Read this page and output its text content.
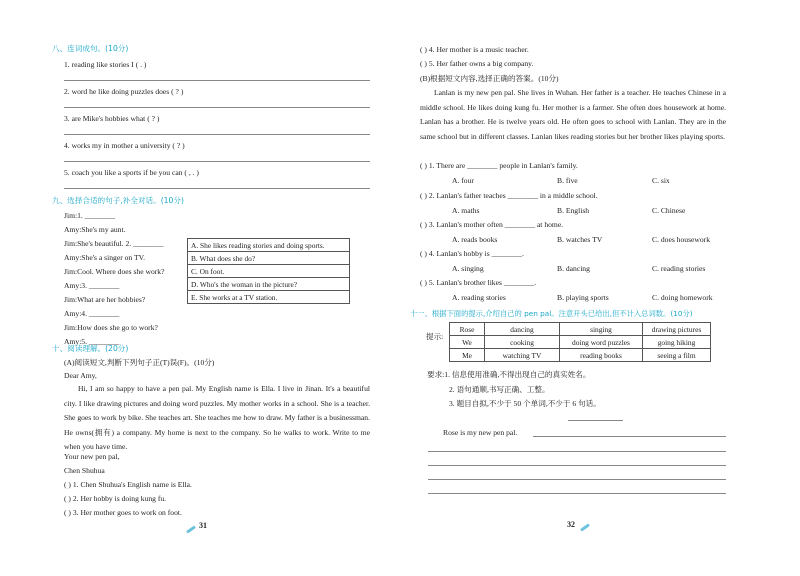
八、连词成句。(10分)
1. reading like stories I ( . )
2. word he like doing puzzles does ( ? )
3. are Mike's hobbies what ( ? )
4. works my in mother a university ( ? )
5. coach you like a sports if be you can ( , . )
九、选择合适的句子,补全对话。(10分)
Jim:1. ________
Amy:She's my aunt.
Jim:She's beautiful. 2. ________
Amy:She's a singer on TV.
Jim:Cool. Where does she work?
Amy:3. ________
Jim:What are her hobbies?
Amy:4. ________
Jim:How does she go to work?
Amy:5. ________
A. She likes reading stories and doing sports.
B. What does she do?
C. On foot.
D. Who's the woman in the picture?
E. She works at a TV station.
十、阅读理解。(20分)
(A)阅读短文,判断下列句子正(T)误(F)。(10分)
Dear Amy,
Hi, I am so happy to have a pen pal. My English name is Ella. I live in Jinan. It's a beautiful city. I like drawing pictures and doing word puzzles. My mother works in a school. She is a teacher. She goes to work by bike. She teaches art. She teaches me how to draw. My father is a businessman. He owns(拥有) a company. My home is next to the company. So he walks to work. Write to me when you have time.
Your new pen pal,
Chen Shuhua
( ) 1. Chen Shuhua's English name is Ella.
( ) 2. Her hobby is doing kung fu.
( ) 3. Her mother goes to work on foot.
31
( ) 4. Her mother is a music teacher.
( ) 5. Her father owns a big company.
(B)根据短文内容,选择正确的答案。(10分)
Lanlan is my new pen pal. She lives in Wuhan. Her father is a teacher. He teaches Chinese in a middle school. He likes doing kung fu. Her mother is a farmer. She often does housework at home. Lanlan has a brother. He is twelve years old. He often goes to school with Lanlan. They are in the same school but in different classes. Lanlan likes reading stories but her brother likes playing sports.
( ) 1. There are ________ people in Lanlan's family.
A. four	B. five	C. six
( ) 2. Lanlan's father teaches ________ in a middle school.
A. maths	B. English	C. Chinese
( ) 3. Lanlan's mother often ________ at home.
A. reads books	B. watches TV	C. does housework
( ) 4. Lanlan's hobby is ________.
A. singing	B. dancing	C. reading stories
( ) 5. Lanlan's brother likes ________.
A. reading stories	B. playing sports	C. doing homework
十一、根据下面的提示,介绍自己的 pen pal。注意开头已给出,但不计入总词数。(10分)
提示:
Rose	dancing	singing	drawing pictures
We	cooking	doing word puzzles	going hiking
Me	watching TV	reading books	seeing a film
要求:1. 信息使用准确,不得出现自己的真实姓名。
2. 语句通顺,书写正确、工整。
3. 题目自拟,不少于 50 个单词,不少于 6 句话。
Rose is my new pen pal.
32
